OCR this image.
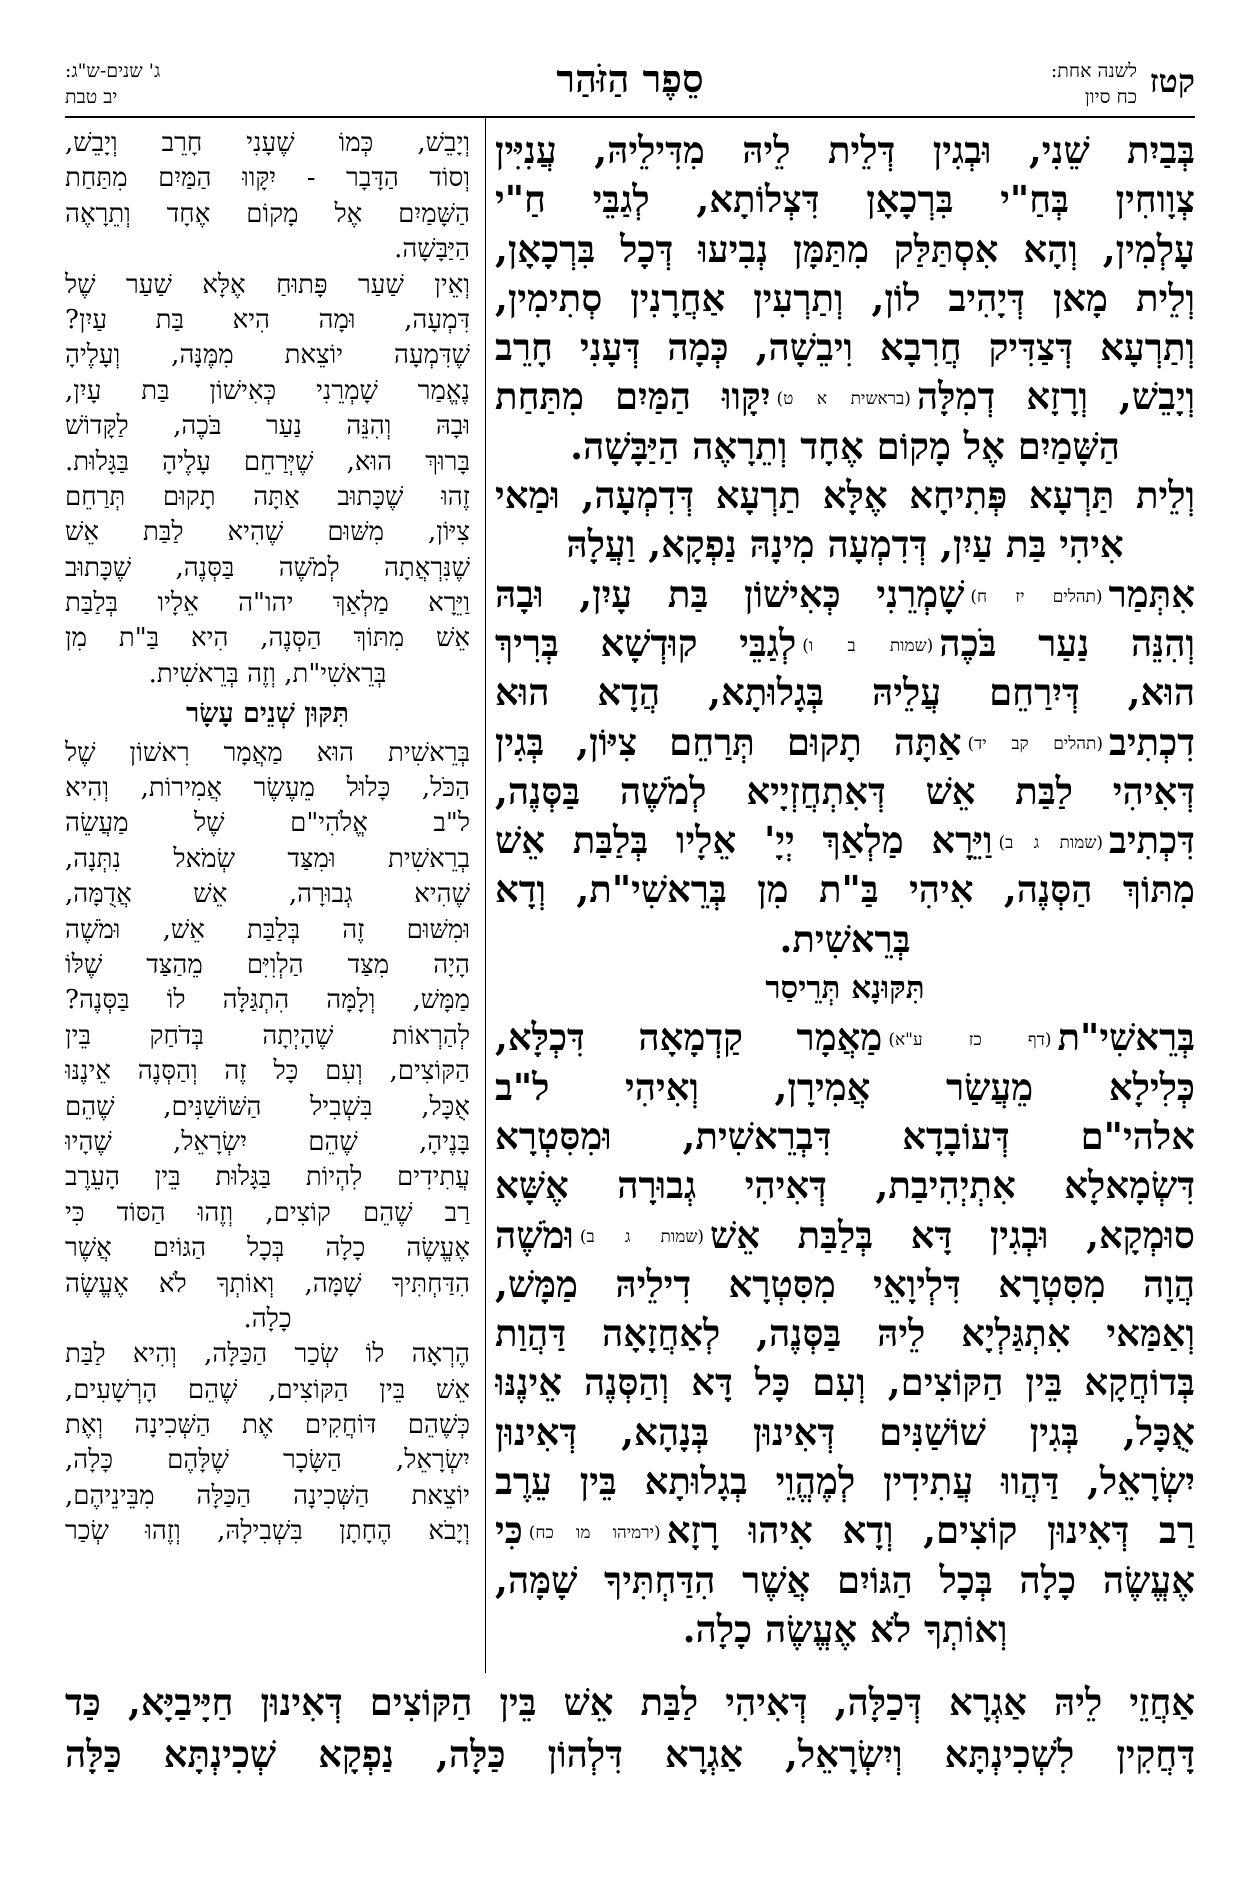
קטז
לשנה אחת:
כח סיון
סֵפֶר הַזֹּהַר
ג' שנים-ש"ג:
יב טבת
בְּבַיִת שֵׁנִי, וּבְגִין דְּלֵית לֵיהּ מִדִּילֵיהּ, עֲנִיִּין
צְוָוחִין בְּחַ"י בִּרְכָאָן דִּצְלוֹתָא, לְגַבֵּי חַ"י
עָלְמִין, וְהָא אִסְתַּלַּק מִתַּמָּן נְבִיעוּ דְּכָל בִּרְכָאָן,
וְלֵית מָאן דְּיָהִיב לוֹן, וְתַרְעִין אַחֲרָנִין סְתִימִין,
וְתַרְעָא דְּצַדִּיק חֲרִבָא וִיבֵשָׁה, כְּמָה דְּעָנִי חָרֵב
וְיָבֵשׁ, וְרָזָא דְמִלָּה(בראשית א ט)יִקָּווּ הַמַּיִם מִתַּחַת
הַשָּׁמַיִם אֶל מָקוֹם אֶחָד וְתֵרָאֶה הַיַּבָּשָׁה.
וְלֵית תַּרְעָא פְּתִיחָא אֶלָּא תַרְעָא דְּדִמְעָה, וּמַאי
אִיהִי בַּת עַיִן, דְּדִמְעָה מִינָהּ נַפְקָא, וַעֲלָהּ
אִתְּמַר(תהלים יז ח)שָׁמְרֵנִי כְּאִישׁוֹן בַּת עָיִן, וּבָהּ
וְהִנֵּה נַעַר בֹּכֶה(שמות ב ו)לְגַבֵּי קוּדְשָׁא בְּרִיךְ
הוּא, דְּיִרַחֵם עֲלֵיהּ בְּגָלוּתָא, הֲדָא הוּא
דִכְתִיב(תהלים קב יד)אַתָּה תָקוּם תְּרַחֵם צִיּוֹן, בְּגִין
דְּאִיהִי לַבַּת אֵשׁ דְּאִתְחֲזְיָיא לְמֹשֶׁה בַּסְּנֶה,
דִּכְתִיב(שמות ג ב)וַיֵּרָא מַלְאַךְ יְיָ' אֵלָיו בְּלַבַּת אֵשׁ
מִתּוֹךְ הַסְּנֶה, אִיהִי בַּ"ת מִן בְּרֵאשִׁי"ת, וְדָא
בְּרֵאשִׁית.
תִּקּוּנָא תְּרֵיסַר
בְּרֵאשִׁי"ת(דף כז ע"א)מַאֲמָר קַדְמָאָה דִּכְלָּא,
כְּלִילָא מֵעֲשַׂר אֲמִירָן, וְאִיהִי ל"ב
אלהי"ם דְּעוֹבָדָא דִּבְרֵאשִׁית, וּמִסִּטְרָא
דִּשְׂמָאלָא אִתְיְהִיבַת, דְּאִיהִי גְבוּרָה אֶשָּׁא
סוּמְקָא, וּבְגִין דָּא בְּלַבַּת אֵשׁ(שמות ג ב)וּמֹשֶׁה
הֲוָה מִסִּטְרָא דִּלְיוָאֵי מִסִּטְרָא דִילֵיהּ מַמָּשׁ,
וְאַמַּאי אִתְגַּלְיָא לֵיהּ בַּסְּנֶה, לְאַחֲזָאָה דַּהֲוַת
בְּדוֹחֲקָא בֵּין הַקּוֹצִים, וְעִם כָּל דָּא וְהַסְּנֶה אֵינֶנּוּ
אֻכָּל, בְּגִין שׁוֹשַׁנִּים דְּאִינוּן בְּנָהָא, דְּאִינוּן
יִשְׂרָאֵל, דַּהֲווּ עֲתִידִין לְמֶהֱוֵי בְגָלוּתָא בֵּין עֵרֶב
רַב דְּאִינוּן קוֹצִים, וְדָא אִיהוּ רָזָא(ירמיהו מו כח)כִּי
אֶעֱשֶׂה כָלָה בְּכָל הַגּוֹיִם אֲשֶׁר הִדַּחְתִּיךָ שָׁמָּה,
וְאוֹתְךָ לֹא אֶעֱשֶׂה כָלָה.
וְיָבֵשׁ, כְּמוֹ שֶׁעָנִי חָרֵב וְיָבֵשׁ,
וְסוֹד הַדָּבָר - יִקָּווּ הַמַּיִם מִתַּחַת
הַשָּׁמַיִם אֶל מָקוֹם אֶחָד וְתֵרָאֶה
הַיַּבָּשָׁה.
וְאֵין שַׁעַר פָּתוּחַ אֶלָּא שַׁעַר שֶׁל
דִּמְעָה, וּמָה הִיא בַּת עַיִן?
שֶׁדִּמְעָה יוֹצֵאת מִמֶּנָּה, וְעָלֶיהָ
נֶאֱמַר שָׁמְרֵנִי כְּאִישׁוֹן בַּת עָיִן,
וּבָהּ וְהִנֵּה נַעַר בֹּכֶה, לַקָּדוֹשׁ
בָּרוּךְ הוּא, שֶׁיְּרַחֵם עָלֶיהָ בַּגָּלוּת.
זֶהוּ שֶׁכָּתוּב אַתָּה תָקוּם תְּרַחֵם
צִיּוֹן, מִשּׁוּם שֶׁהִיא לַבַּת אֵשׁ
שֶׁנִּרְאֲתָה לְמֹשֶׁה בַּסְּנֶה, שֶׁכָּתוּב
וַיֵּרָא מַלְאַךְ יהו"ה אֵלָיו בְּלַבַּת
אֵשׁ מִתּוֹךְ הַסְּנֶה, הִיא בַּ"ת מִן
בְּרֵאשִׁי"ת, וְזֶה בְּרֵאשִׁית.
תִּקּוּן שְׁנֵים עָשָׂר
בְּרֵאשִׁית הוּא מַאֲמָר רִאשׁוֹן שֶׁל
הַכֹּל, כָּלוּל מֵעֶשֶׂר אֲמִירוֹת, וְהִיא
ל"ב אֱלֹהִי"ם שֶׁל מַעֲשֵׂה
בְרֵאשִׁית וּמִצַּד שְׂמֹאל נִתְּנָה,
שֶׁהִיא גְבוּרָה, אֵשׁ אֲדֻמָּה,
וּמִשּׁוּם זֶה בְּלַבַּת אֵשׁ, וּמֹשֶׁה
הָיָה מִצַּד הַלְוִיִּם מֵהַצַּד שֶׁלּוֹ
מַמָּשׁ, וְלָמָּה הִתְגַּלָּה לוֹ בַּסְּנֶה?
לְהַרְאוֹת שֶׁהָיְתָה בְּדֹחַק בֵּין
הַקּוֹצִים, וְעִם כָּל זֶה וְהַסְּנֶה אֵינֶנּוּ
אֻכָּל, בִּשְׁבִיל הַשּׁוֹשַׁנִּים, שֶׁהֵם
בָּנֶיהָ, שֶׁהֵם יִשְׂרָאֵל, שֶׁהָיוּ
עֲתִידִים לִהְיוֹת בַּגָּלוּת בֵּין הָעֵרֶב
רַב שֶׁהֵם קוֹצִים, וְזֶהוּ הַסּוֹד כִּי
אֶעֱשֶׂה כָלָה בְּכָל הַגּוֹיִם אֲשֶׁר
הִדַּחְתִּיךָ שָׁמָּה, וְאוֹתְךָ לֹא אֶעֱשֶׂה
כָלָה.
הֶרְאָה לוֹ שְׂכַר הַכַּלָּה, וְהִיא לַבַּת
אֵשׁ בֵּין הַקּוֹצִים, שֶׁהֵם הָרְשָׁעִים,
כְּשֶׁהֵם דּוֹחֲקִים אֶת הַשְּׁכִינָה וְאֶת
יִשְׂרָאֵל, הַשָּׂכָר שֶׁלָּהֶם כָּלָה,
יוֹצֵאת הַשְּׁכִינָה הַכַּלָּה מִבֵּינֵיהֶם,
וְיָבֹא הֶחָתָן בִּשְׁבִילָהּ, וְזֶהוּ שְׂכַר
אַחֲזֵי לֵיהּ אַגְרָא דְּכַלָּה, דְּאִיהִי לַבַּת אֵשׁ בֵּין הַקּוֹצִים דְּאִינוּן חַיָּיבַיָּא, כַּד
דָּחֲקִין לִשְׁכִינְתָּא וְיִשְׂרָאֵל, אַגְרָא דִּלְהוֹן כַּלָּה, נַפְקָא שְׁכִינְתָּא כַּלָּה
